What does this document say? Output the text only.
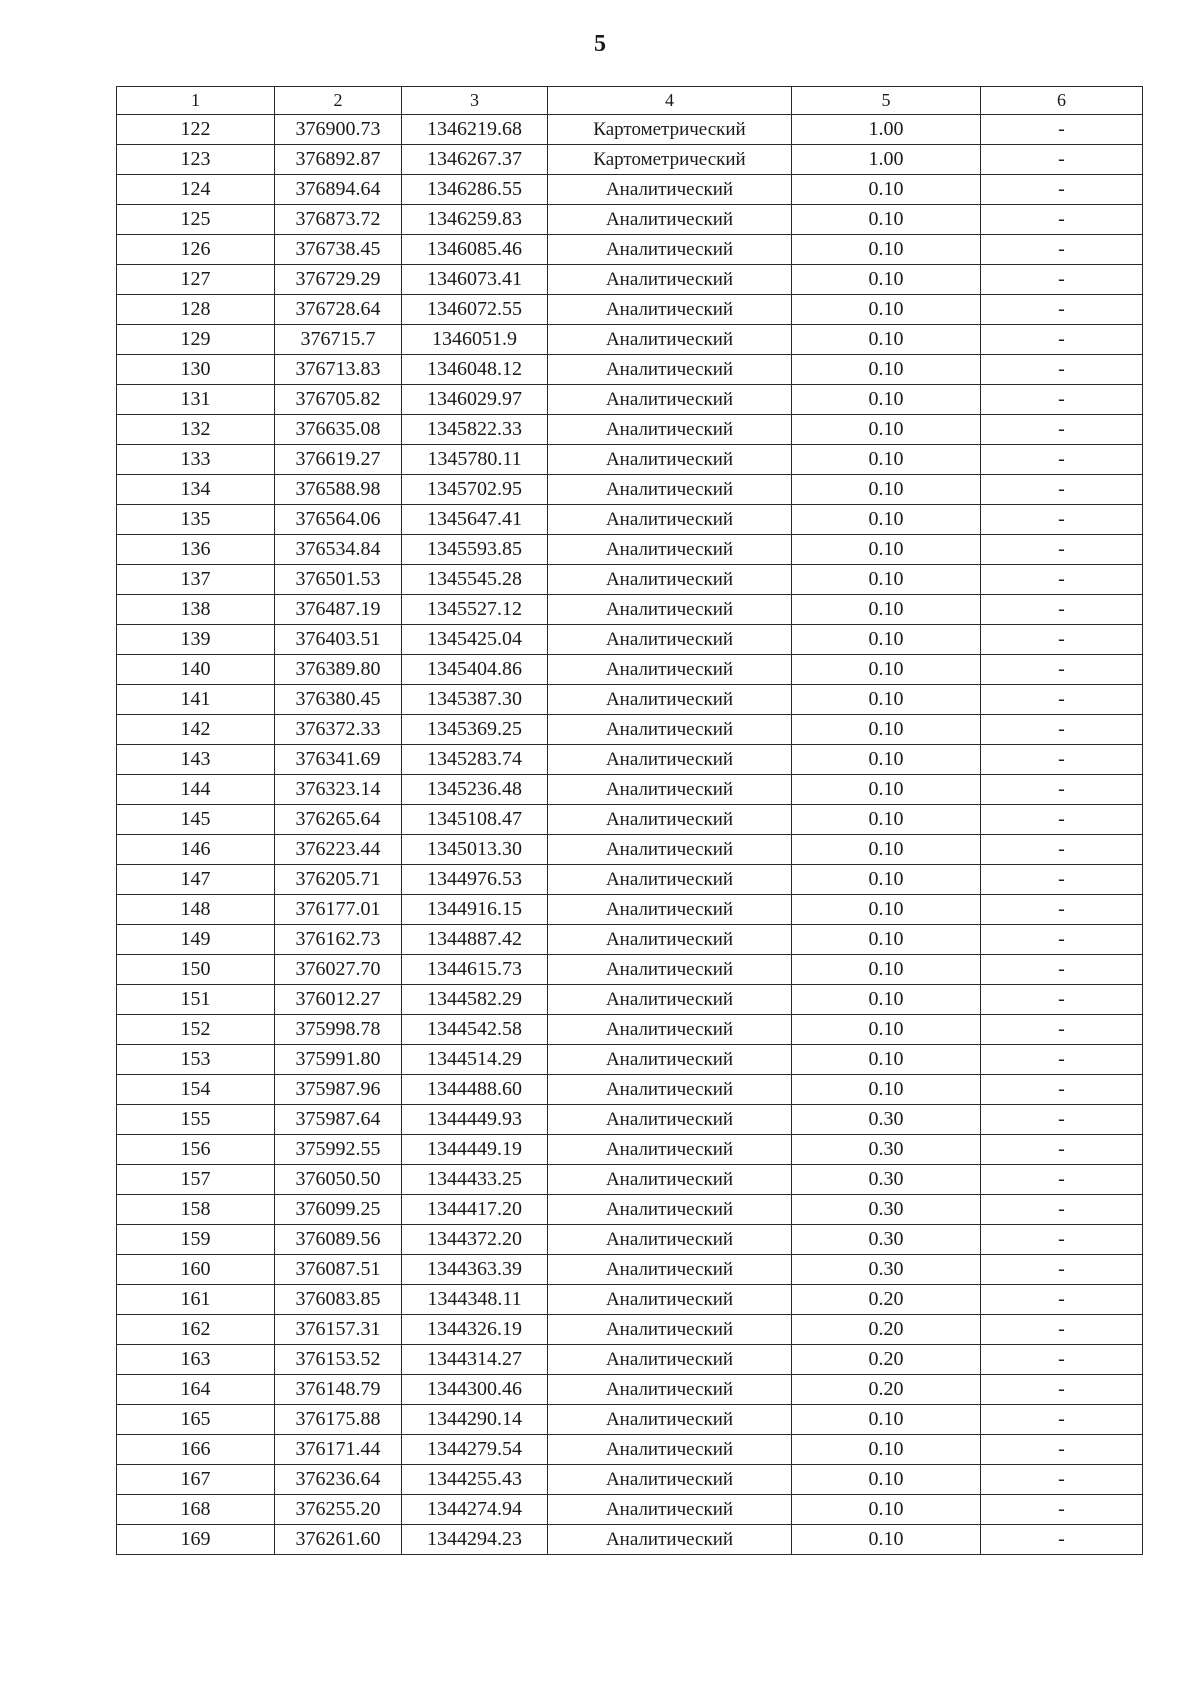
5
1	2	3	4	5	6
122	376900.73	1346219.68	Картометрический	1.00	-
123	376892.87	1346267.37	Картометрический	1.00	-
124	376894.64	1346286.55	Аналитический	0.10	-
125	376873.72	1346259.83	Аналитический	0.10	-
126	376738.45	1346085.46	Аналитический	0.10	-
127	376729.29	1346073.41	Аналитический	0.10	-
128	376728.64	1346072.55	Аналитический	0.10	-
129	376715.7	1346051.9	Аналитический	0.10	-
130	376713.83	1346048.12	Аналитический	0.10	-
131	376705.82	1346029.97	Аналитический	0.10	-
132	376635.08	1345822.33	Аналитический	0.10	-
133	376619.27	1345780.11	Аналитический	0.10	-
134	376588.98	1345702.95	Аналитический	0.10	-
135	376564.06	1345647.41	Аналитический	0.10	-
136	376534.84	1345593.85	Аналитический	0.10	-
137	376501.53	1345545.28	Аналитический	0.10	-
138	376487.19	1345527.12	Аналитический	0.10	-
139	376403.51	1345425.04	Аналитический	0.10	-
140	376389.80	1345404.86	Аналитический	0.10	-
141	376380.45	1345387.30	Аналитический	0.10	-
142	376372.33	1345369.25	Аналитический	0.10	-
143	376341.69	1345283.74	Аналитический	0.10	-
144	376323.14	1345236.48	Аналитический	0.10	-
145	376265.64	1345108.47	Аналитический	0.10	-
146	376223.44	1345013.30	Аналитический	0.10	-
147	376205.71	1344976.53	Аналитический	0.10	-
148	376177.01	1344916.15	Аналитический	0.10	-
149	376162.73	1344887.42	Аналитический	0.10	-
150	376027.70	1344615.73	Аналитический	0.10	-
151	376012.27	1344582.29	Аналитический	0.10	-
152	375998.78	1344542.58	Аналитический	0.10	-
153	375991.80	1344514.29	Аналитический	0.10	-
154	375987.96	1344488.60	Аналитический	0.10	-
155	375987.64	1344449.93	Аналитический	0.30	-
156	375992.55	1344449.19	Аналитический	0.30	-
157	376050.50	1344433.25	Аналитический	0.30	-
158	376099.25	1344417.20	Аналитический	0.30	-
159	376089.56	1344372.20	Аналитический	0.30	-
160	376087.51	1344363.39	Аналитический	0.30	-
161	376083.85	1344348.11	Аналитический	0.20	-
162	376157.31	1344326.19	Аналитический	0.20	-
163	376153.52	1344314.27	Аналитический	0.20	-
164	376148.79	1344300.46	Аналитический	0.20	-
165	376175.88	1344290.14	Аналитический	0.10	-
166	376171.44	1344279.54	Аналитический	0.10	-
167	376236.64	1344255.43	Аналитический	0.10	-
168	376255.20	1344274.94	Аналитический	0.10	-
169	376261.60	1344294.23	Аналитический	0.10	-
